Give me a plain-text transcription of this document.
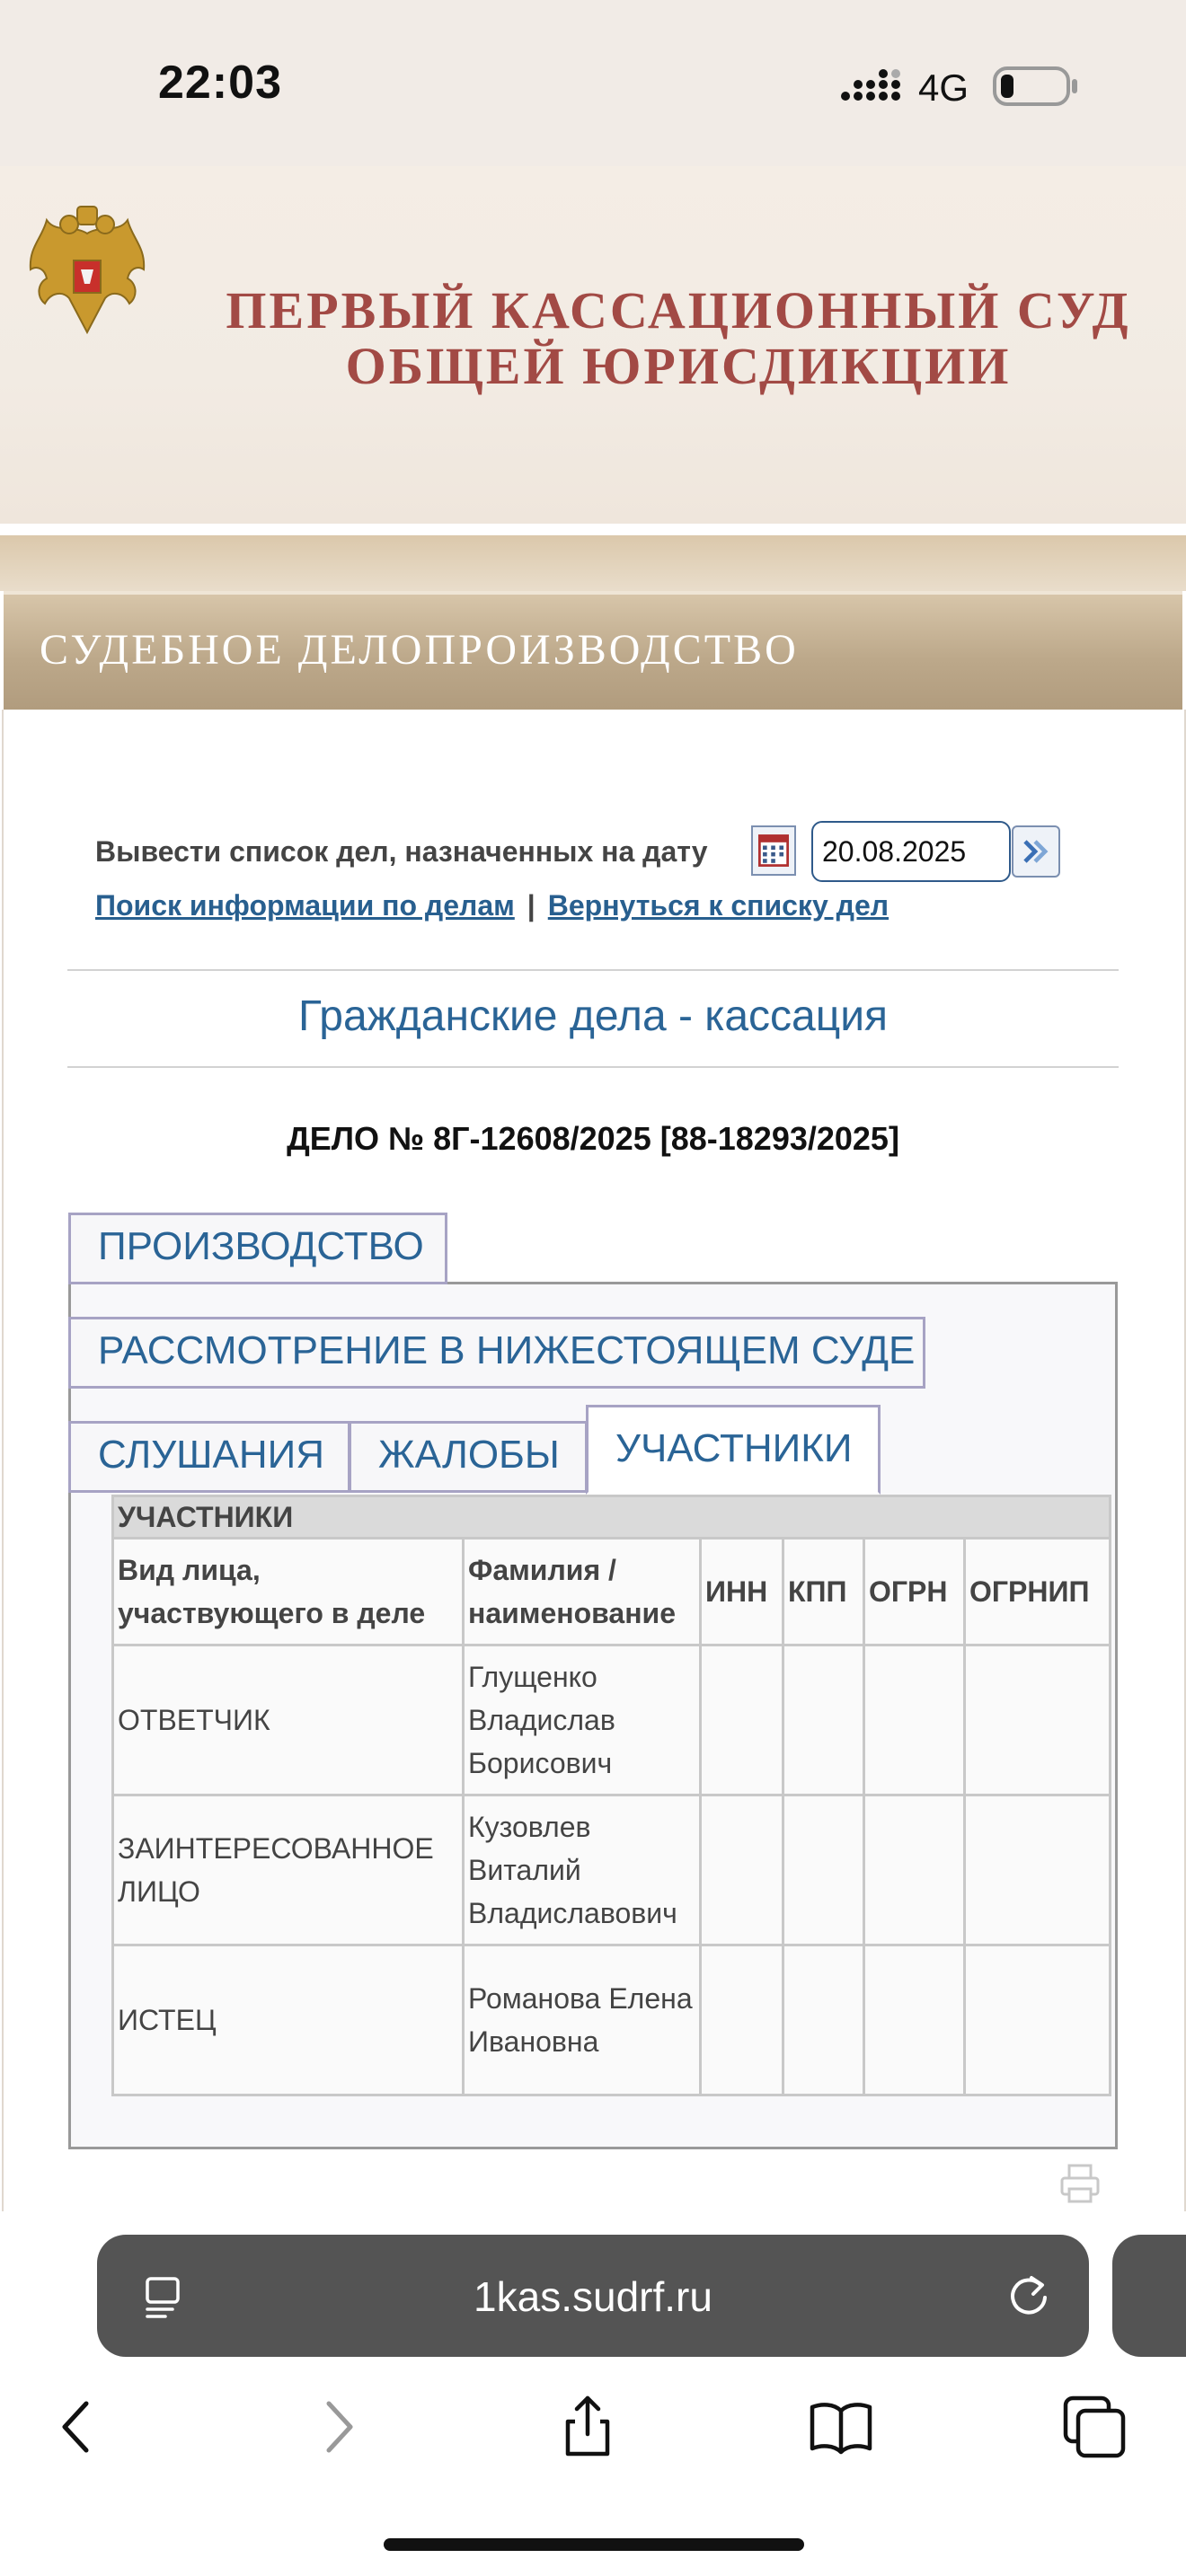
22:03	4G
ПЕРВЫЙ КАССАЦИОННЫЙ СУД
ОБЩЕЙ ЮРИСДИКЦИИ
СУДЕБНОЕ ДЕЛОПРОИЗВОДСТВО
Вывести список дел, назначенных на дату
20.08.2025
Поиск информации по делам | Вернуться к списку дел
Гражданские дела - кассация
ДЕЛО № 8Г-12608/2025 [88-18293/2025]
ПРОИЗВОДСТВО
РАССМОТРЕНИЕ В НИЖЕСТОЯЩЕМ СУДЕ
СЛУШАНИЯ	ЖАЛОБЫ	УЧАСТНИКИ
УЧАСТНИКИ					
Вид лица, участвующего в деле	Фамилия / наименование	ИНН	КПП	ОГРН	ОГРНИП
ОТВЕТЧИК	Глущенко Владислав Борисович				
ЗАИНТЕРЕСОВАННОЕ ЛИЦО	Кузовлев Виталий Владиславович				
ИСТЕЦ	Романова Елена Ивановна				
1kas.sudrf.ru
